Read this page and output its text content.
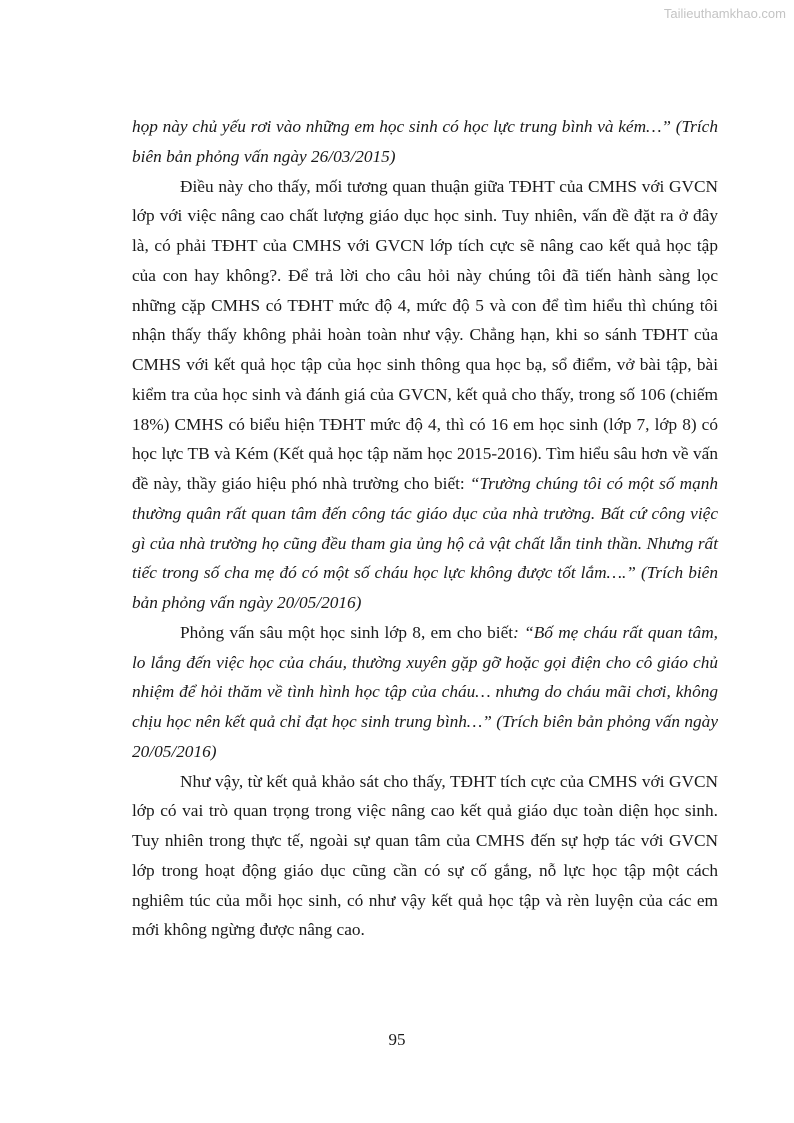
Tailieuthamkhao.com

họp này chủ yếu rơi vào những em học sinh có học lực trung bình và kém…” (Trích biên bản phỏng vấn ngày 26/03/2015)

Điều này cho thấy, mối tương quan thuận giữa TĐHT của CMHS với GVCN lớp với việc nâng cao chất lượng giáo dục học sinh. Tuy nhiên, vấn đề đặt ra ở đây là, có phải TĐHT của CMHS với GVCN lớp tích cực sẽ nâng cao kết quả học tập của con hay không?. Để trả lời cho câu hỏi này chúng tôi đã tiến hành sàng lọc những cặp CMHS có TĐHT mức độ 4, mức độ 5 và con để tìm hiểu thì chúng tôi nhận thấy thấy không phải hoàn toàn như vậy. Chẳng hạn, khi so sánh TĐHT của CMHS với kết quả học tập của học sinh thông qua học bạ, sổ điểm, vở bài tập, bài kiểm tra của học sinh và đánh giá của GVCN, kết quả cho thấy, trong số 106 (chiếm 18%) CMHS có biểu hiện TĐHT mức độ 4, thì có 16 em học sinh (lớp 7, lớp 8) có học lực TB và Kém (Kết quả học tập năm học 2015-2016). Tìm hiểu sâu hơn về vấn đề này, thầy giáo hiệu phó nhà trường cho biết: “Trường chúng tôi có một số mạnh thường quân rất quan tâm đến công tác giáo dục của nhà trường. Bất cứ công việc gì của nhà trường họ cũng đều tham gia ủng hộ cả vật chất lẫn tinh thần. Nhưng rất tiếc trong số cha mẹ đó có một số cháu học lực không được tốt lắm….” (Trích biên bản phỏng vấn ngày 20/05/2016)

Phỏng vấn sâu một học sinh lớp 8, em cho biết: “Bố mẹ cháu rất quan tâm, lo lắng đến việc học của cháu, thường xuyên gặp gỡ hoặc gọi điện cho cô giáo chủ nhiệm để hỏi thăm về tình hình học tập của cháu… nhưng do cháu mãi chơi, không chịu học nên kết quả chỉ đạt học sinh trung bình…” (Trích biên bản phỏng vấn ngày 20/05/2016)

Như vậy, từ kết quả khảo sát cho thấy, TĐHT tích cực của CMHS với GVCN lớp có vai trò quan trọng trong việc nâng cao kết quả giáo dục toàn diện học sinh. Tuy nhiên trong thực tế, ngoài sự quan tâm của CMHS đến sự hợp tác với GVCN lớp trong hoạt động giáo dục cũng cần có sự cố gắng, nỗ lực học tập một cách nghiêm túc của mỗi học sinh, có như vậy kết quả học tập và rèn luyện của các em mới không ngừng được nâng cao.

95
